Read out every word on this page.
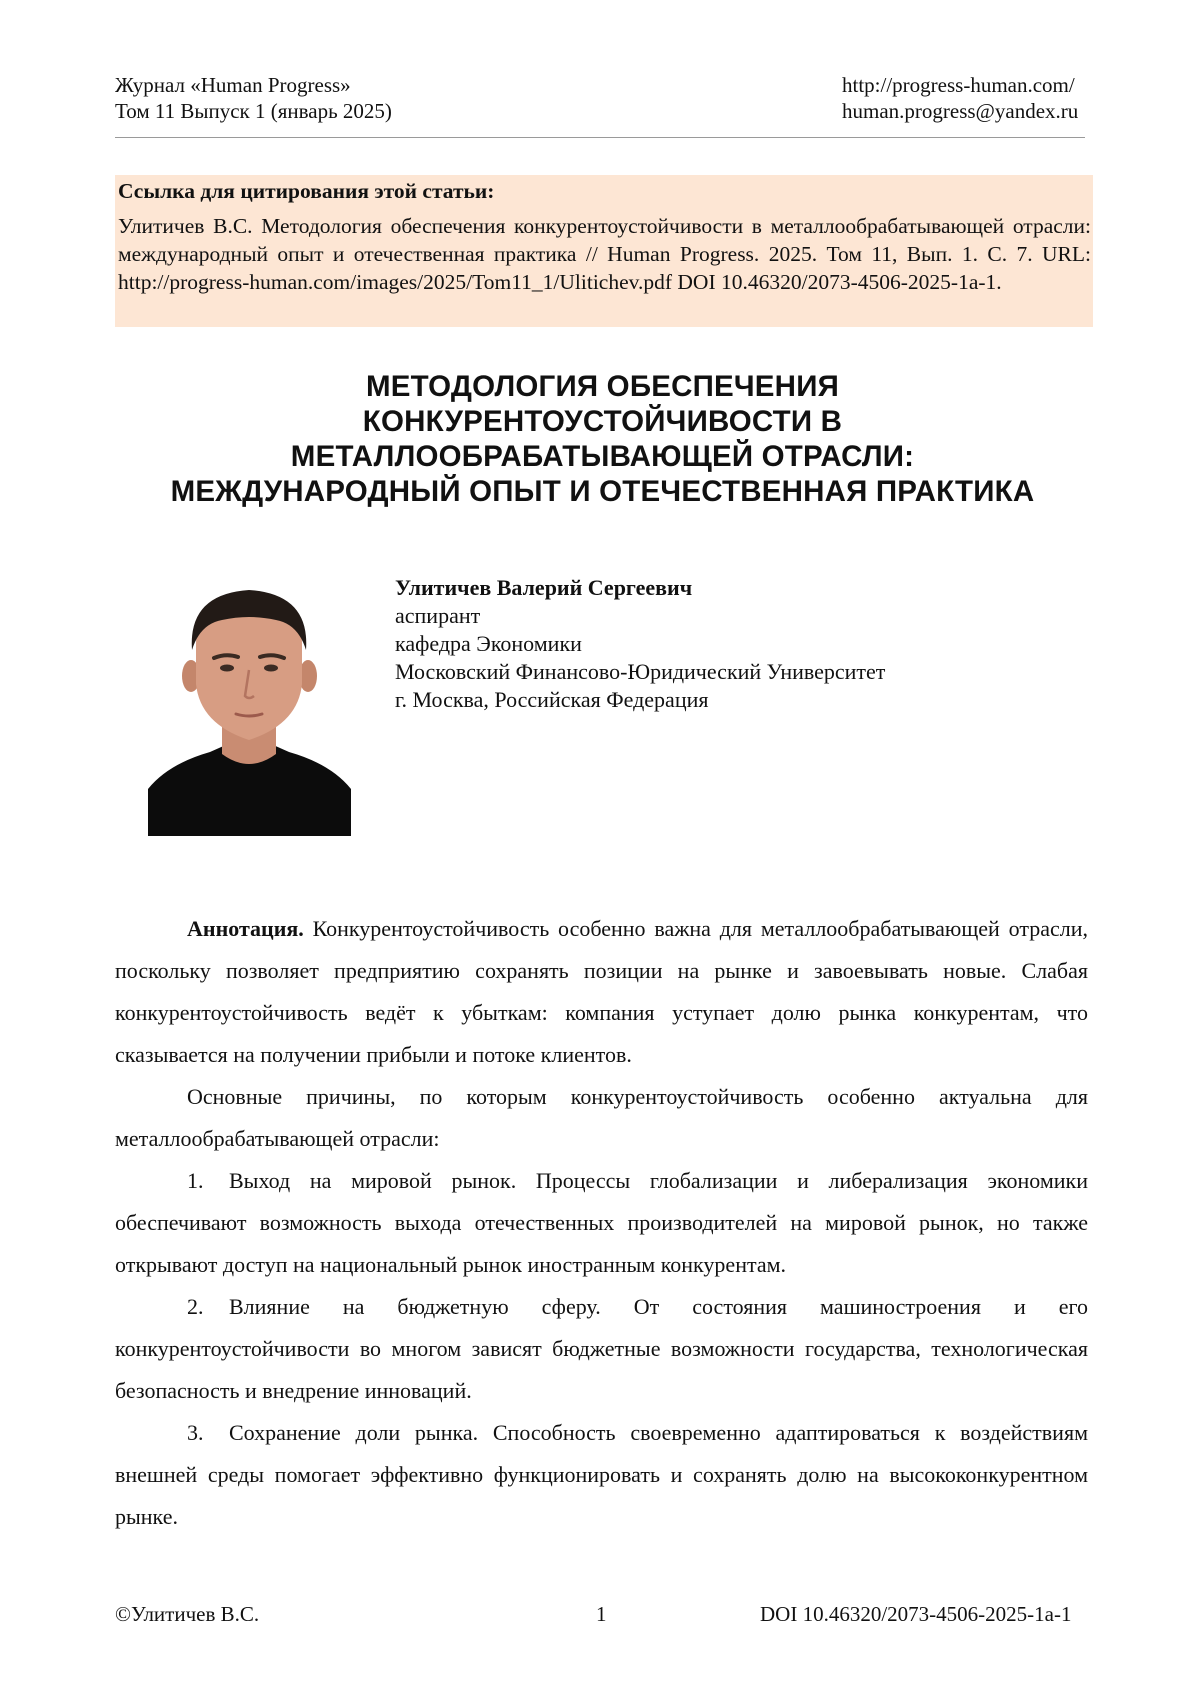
Журнал «Human Progress»
Том 11 Выпуск 1 (январь 2025)
http://progress-human.com/
human.progress@yandex.ru
Ссылка для цитирования этой статьи:
Улитичев В.С. Методология обеспечения конкурентоустойчивости в металлообрабатывающей отрасли: международный опыт и отечественная практика // Human Progress. 2025. Том 11, Вып. 1. С. 7. URL: http://progress-human.com/images/2025/Tom11_1/Ulitichev.pdf DOI 10.46320/2073-4506-2025-1a-1.
МЕТОДОЛОГИЯ ОБЕСПЕЧЕНИЯ
КОНКУРЕНТОУСТОЙЧИВОСТИ В
МЕТАЛЛООБРАБАТЫВАЮЩЕЙ ОТРАСЛИ:
МЕЖДУНАРОДНЫЙ ОПЫТ И ОТЕЧЕСТВЕННАЯ ПРАКТИКА
Улитичев Валерий Сергеевич
аспирант
кафедра Экономики
Московский Финансово-Юридический Университет
г. Москва, Российская Федерация

Аннотация. Конкурентоустойчивость особенно важна для металлообрабатывающей отрасли, поскольку позволяет предприятию сохранять позиции на рынке и завоевывать новые. Слабая конкурентоустойчивость ведёт к убыткам: компания уступает долю рынка конкурентам, что сказывается на получении прибыли и потоке клиентов.

Основные причины, по которым конкурентоустойчивость особенно актуальна для металлообрабатывающей отрасли:

1. Выход на мировой рынок. Процессы глобализации и либерализация экономики обеспечивают возможность выхода отечественных производителей на мировой рынок, но также открывают доступ на национальный рынок иностранным конкурентам.

2. Влияние на бюджетную сферу. От состояния машиностроения и его конкурентоустойчивости во многом зависят бюджетные возможности государства, технологическая безопасность и внедрение инноваций.

3. Сохранение доли рынка. Способность своевременно адаптироваться к воздействиям внешней среды помогает эффективно функционировать и сохранять долю на высококонкурентном рынке.

©Улитичев В.С.	1	DOI 10.46320/2073-4506-2025-1a-1
